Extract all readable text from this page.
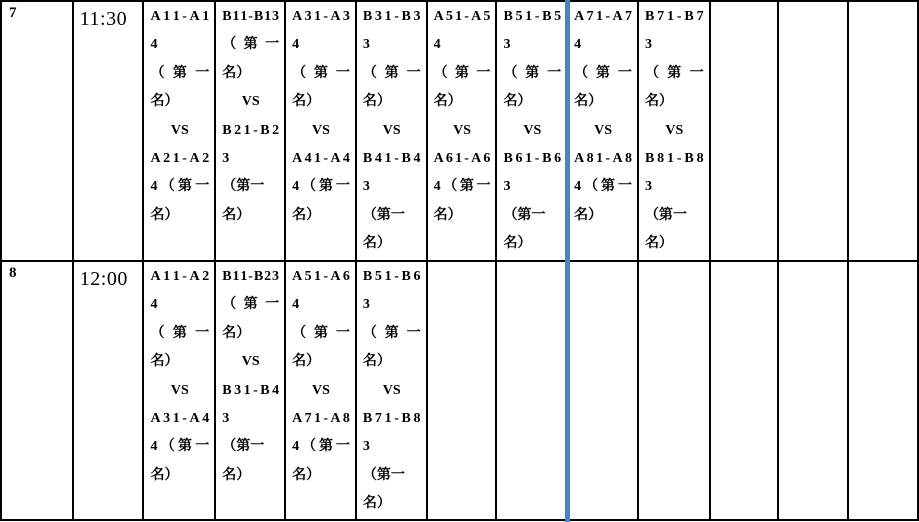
7	11:30	A 1 1 - A 1
4
（ 第 一
名）
VS
A 2 1 - A 2
4 （ 第 一
名）

B 1 1 - B 1 3
（ 第 一
名）
VS
B 2 1 - B 2
3
（第一
名）

A 3 1 - A 3
4
（ 第 一
名）
VS
A 4 1 - A 4
4 （ 第 一
名）

B 3 1 - B 3
3
（ 第 一
名）
VS
B 4 1 - B 4
3
（第一
名）

A 5 1 - A 5
4
（ 第 一
名）
VS
A 6 1 - A 6
4 （ 第 一
名）

B 5 1 - B 5
3
（ 第 一
名）
VS
B 6 1 - B 6
3
（第一
名）

A 7 1 - A 7
4
（ 第 一
名）
VS
A 8 1 - A 8
4 （ 第 一
名）

B 7 1 - B 7
3
（ 第 一
名）
VS
B 8 1 - B 8
3
（第一
名）

8	12:00	A 1 1 - A 2
4
（ 第 一
名）
VS
A 3 1 - A 4
4 （ 第 一
名）

B 1 1 - B 2 3
（ 第 一
名）
VS
B 3 1 - B 4
3
（第一
名）

A 5 1 - A 6
4
（ 第 一
名）
VS
A 7 1 - A 8
4 （ 第 一
名）

B 5 1 - B 6
3
（ 第 一
名）
VS
B 7 1 - B 8
3
（第一
名）
